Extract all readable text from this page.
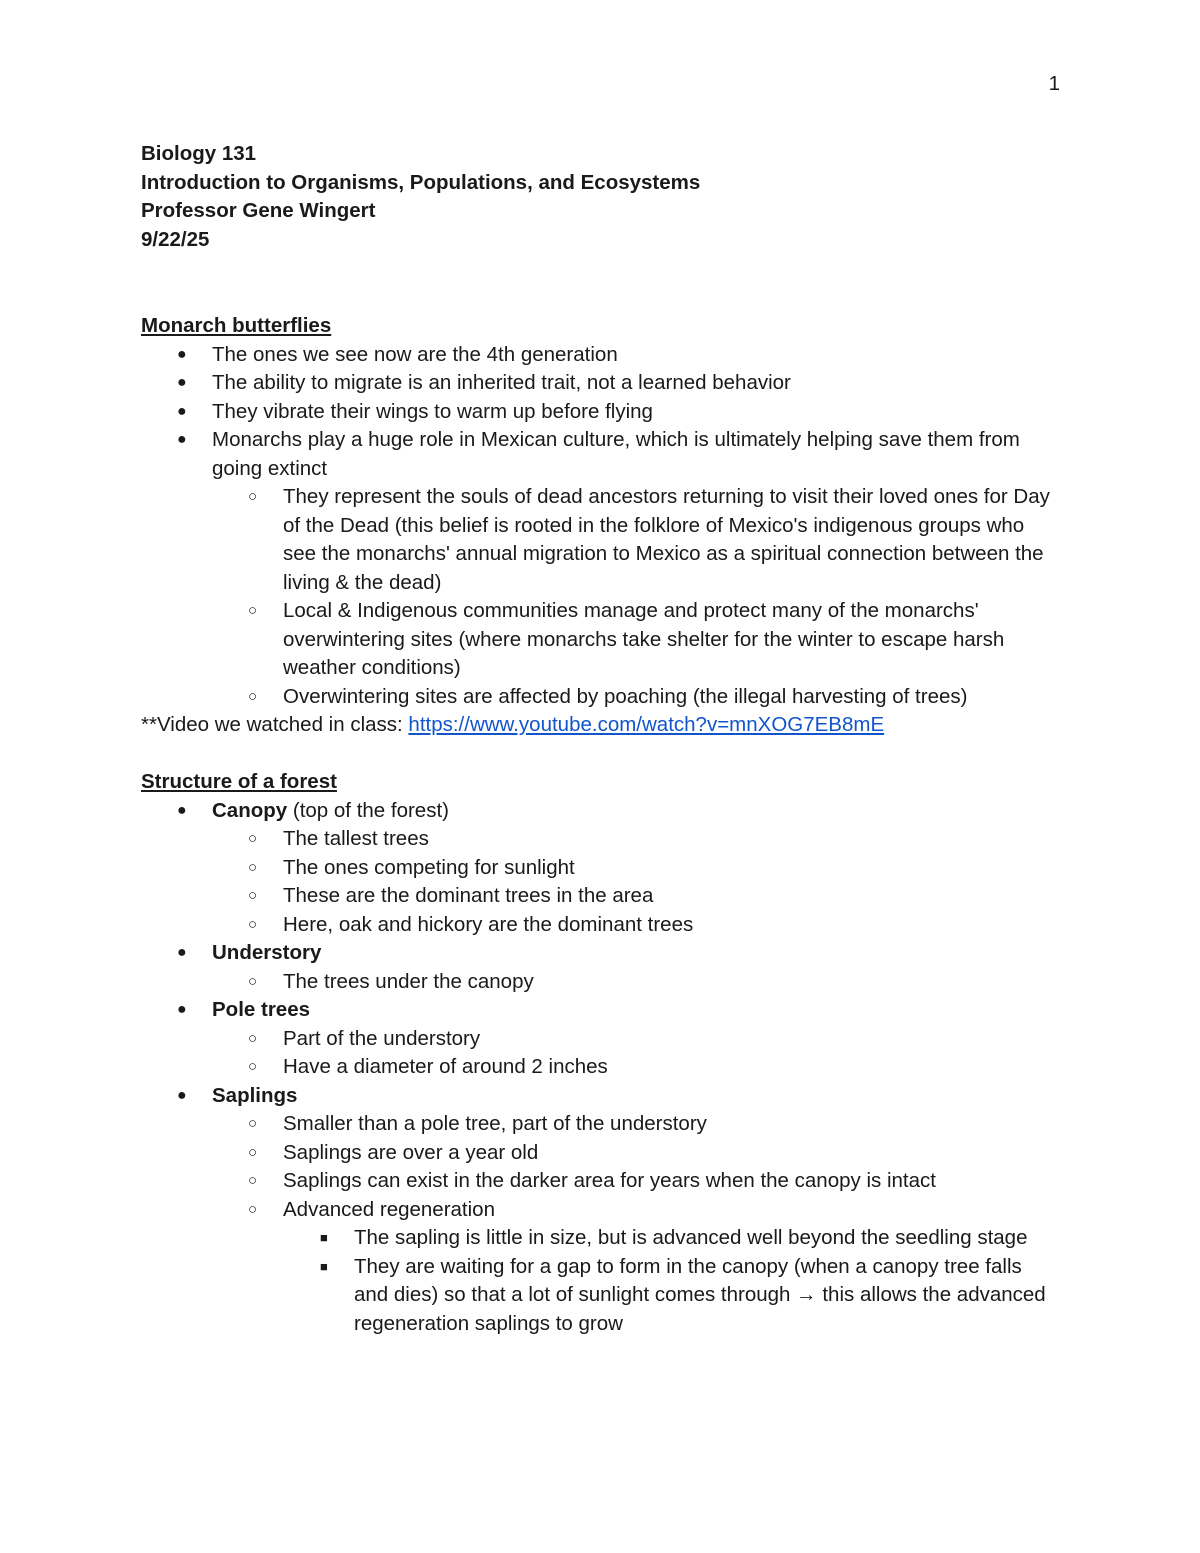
1
Biology 131
Introduction to Organisms, Populations, and Ecosystems
Professor Gene Wingert
9/22/25
Monarch butterflies
● The ones we see now are the 4th generation
● The ability to migrate is an inherited trait, not a learned behavior
● They vibrate their wings to warm up before flying
● Monarchs play a huge role in Mexican culture, which is ultimately helping save them from going extinct
○ They represent the souls of dead ancestors returning to visit their loved ones for Day of the Dead (this belief is rooted in the folklore of Mexico's indigenous groups who see the monarchs' annual migration to Mexico as a spiritual connection between the living & the dead)
○ Local & Indigenous communities manage and protect many of the monarchs' overwintering sites (where monarchs take shelter for the winter to escape harsh weather conditions)
○ Overwintering sites are affected by poaching (the illegal harvesting of trees)
**Video we watched in class: https://www.youtube.com/watch?v=mnXOG7EB8mE
Structure of a forest
● Canopy (top of the forest)
○ The tallest trees
○ The ones competing for sunlight
○ These are the dominant trees in the area
○ Here, oak and hickory are the dominant trees
● Understory
○ The trees under the canopy
● Pole trees
○ Part of the understory
○ Have a diameter of around 2 inches
● Saplings
○ Smaller than a pole tree, part of the understory
○ Saplings are over a year old
○ Saplings can exist in the darker area for years when the canopy is intact
○ Advanced regeneration
■ The sapling is little in size, but is advanced well beyond the seedling stage
■ They are waiting for a gap to form in the canopy (when a canopy tree falls and dies) so that a lot of sunlight comes through → this allows the advanced regeneration saplings to grow
